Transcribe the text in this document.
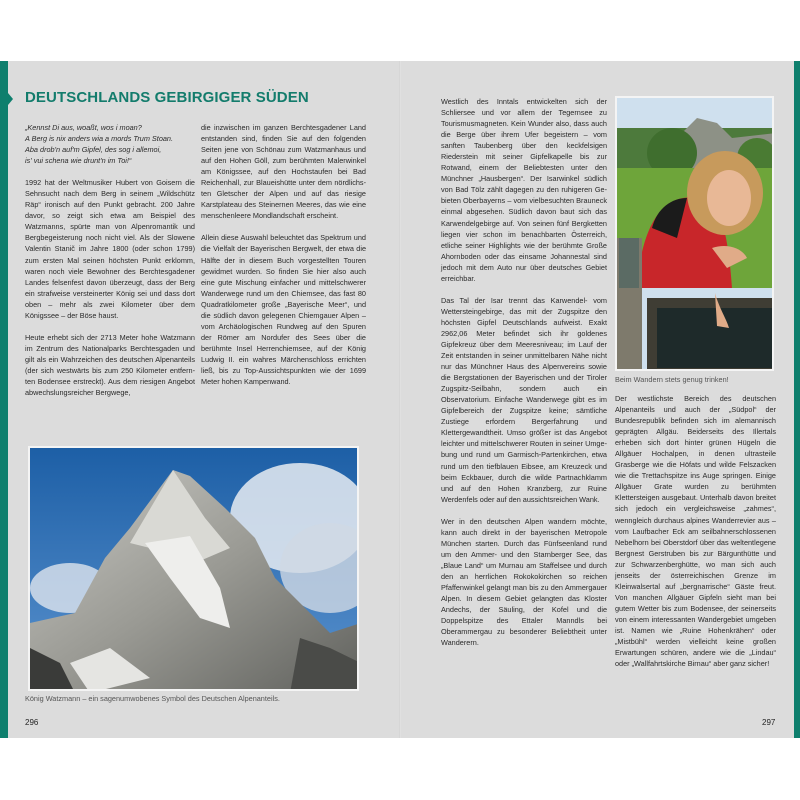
DEUTSCHLANDS GEBIRGIGER SÜDEN
„Kennst Di aus, woaßt, wos i moan?
A Berg is nix anders wia a mords Trum Stoan.
Aba drob'n auf'm Gipfel, des sog i allemoi,
is' vui schena wie drunt'n im Toi!“

1992 hat der Weltmusiker Hubert von Goisern die Sehnsucht nach dem Berg in seinem „Wildschütz Räp“ ironisch auf den Punkt gebracht. 200 Jahre davor, so zeigt sich etwa am Beispiel des Watzmanns, spürte man von Alpenromantik und Bergbegeisterung noch nicht viel. Als der Slowene Valentin Stanič im Jahre 1800 (oder schon 1799) zum ersten Mal seinen höchsten Punkt erklomm, waren noch viele Bewohner des Berchtesgadener Landes felsenfest davon überzeugt, dass der Berg ein strafweise versteinerter König sei und dass dort oben – mehr als zwei Kilometer über dem Königssee – der Böse haust.

Heute erhebt sich der 2713 Meter hohe Watzmann im Zentrum des Nationalparks Berchtesgaden und gilt als ein Wahrzeichen des deutschen Alpenanteils (der sich westwärts bis zum 250 Kilometer entfernten Bodensee erstreckt). Aus dem riesigen Angebot abwechslungsreicher Bergwege,

die inzwischen im ganzen Berchtesgadener Land entstanden sind, finden Sie auf den folgenden Seiten jene von Schönau zum Watzmanhaus und auf den Hohen Göll, zum berühmten Malerwinkel am Königssee, auf den Hochstaufen bei Bad Reichenhall, zur Blaueishütte unter dem nördlichsten Gletscher der Alpen und auf das riesige Karstplateau des Steinernen Meeres, das wie eine menschenleere Mondlandschaft erscheint.

Allein diese Auswahl beleuchtet das Spektrum und die Vielfalt der Bayerischen Bergwelt, der etwa die Hälfte der in diesem Buch vorgestellten Touren gewidmet wurden. So finden Sie hier also auch eine gute Mischung einfacher und mittelschwerer Wanderwege rund um den Chiemsee, das fast 80 Quadratkilometer große „Bayerische Meer“, und die südlich davon gelegenen Chiemgauer Alpen – vom Archäologischen Rundweg auf den Spuren der Römer am Nordufer des Sees über die berühmte Insel Herrenchiemsee, auf der König Ludwig II. ein wahres Märchenschloss errichten ließ, bis zu Top-Aussichtspunkten wie der 1699 Meter hohen Kampenwand.

König Watzmann – ein sagenumwobenes Symbol des Deutschen Alpenanteils.
296

Westlich des Inntals entwickelten sich der Schliersee und vor allem der Tegernsee zu Tourismusmagneten. Kein Wunder also, dass auch die Berge über ihrem Ufer begeistern – vom sanften Taubenberg über den keckfelsigen Riederstein mit seiner Gipfelkapelle bis zur Rotwand, einem der Beliebtesten unter den Münchner „Hausbergen“. Der Isarwinkel südlich von Bad Tölz zählt dagegen zu den ruhigeren Gebieten Oberbayerns – vom vielbesuchten Brauneck einmal abgesehen. Südlich davon baut sich das Karwendelgebirge auf. Von seinen fünf Bergketten liegen vier schon im benachbarten Österreich, etliche seiner Highlights wie der berühmte Große Ahornboden oder das einsame Johannestal sind jedoch mit dem Auto nur über deutsches Gebiet erreichbar.

Das Tal der Isar trennt das Karwendel- vom Wettersteingebirge, das mit der Zugspitze den höchsten Gipfel Deutschlands aufweist. Exakt 2962,06 Meter befindet sich ihr goldenes Gipfekreuz über dem Meeresniveau; im Lauf der Zeit entstanden in seiner unmittelbaren Nähe nicht nur das Münchner Haus des Alpenvereins sowie die Bergstationen der Bayerischen und der Tiroler Zugspitz-Seilbahn, sondern auch ein Observatorium. Einfache Wanderwege gibt es im Gipfelbereich der Zugspitze keine; sämtliche Zustiege erfordern Bergerfahrung und Klettergewandtheit. Umso größer ist das Angebot leichter und mittelschwerer Routen in seiner Umgebung und rund um Garmisch-Partenkirchen, etwa rund um den tiefblauen Eibsee, am Kreuzeck und beim Eckbauer, durch die wilde Partnachklamm und auf den Hohen Kranzberg, zur Ruine Werdenfels oder auf den aussichtsreichen Wank.

Wer in den deutschen Alpen wandern möchte, kann auch direkt in der bayerischen Metropole München starten. Durch das Fünfseenland rund um den Ammer- und den Starnberger See, das „Blaue Land“ um Murnau am Staffelsee und durch den an herrlichen Rokokokirchen so reichen Pfaffenwinkel gelangt man bis zu den Ammergauer Alpen. In diesem Gebiet gelangten das Kloster Andechs, der Säuling, der Kofel und die Doppelspitze des Ettaler Manndls bei Oberammergau zu besonderer Beliebtheit unter Wanderern.

Beim Wandern stets genug trinken!

Der westlichste Bereich des deutschen Alpenanteils und auch der „Südpol“ der Bundesrepublik befinden sich im alemannisch geprägten Allgäu. Beiderseits des Illertals erheben sich dort hinter grünen Hügeln die Allgäuer Hochalpen, in denen ultrasteile Grasberge wie die Höfats und wilde Felszacken wie die Trettachspitze ins Auge springen. Einige Allgäuer Grate wurden zu berühmten Klettersteigen ausgebaut. Unterhalb davon breitet sich jedoch ein vergleichsweise „zahmes“, wenngleich durchaus alpines Wanderrevier aus – vom Laufbacher Eck am seilbahnerschlossenen Nebelhorn bei Oberstdorf über das weltentlegene Bergnest Gerstruben bis zur Bärgunthütte und zur Schwarzenberghütte, wo man sich auch jenseits der österreichischen Grenze im Kleinwalsertal auf „bergnarrische“ Gäste freut. Von manchen Allgäuer Gipfeln sieht man bei gutem Wetter bis zum Bodensee, der seinerseits von einem interessanten Wandergebiet umgeben ist. Namen wie „Ruine Hohenkrähen“ oder „Mistbühl“ werden vielleicht keine großen Erwartungen schüren, andere wie die „Lindau“ oder „Wallfahrtskirche Birnau“ aber ganz sicher!

297
